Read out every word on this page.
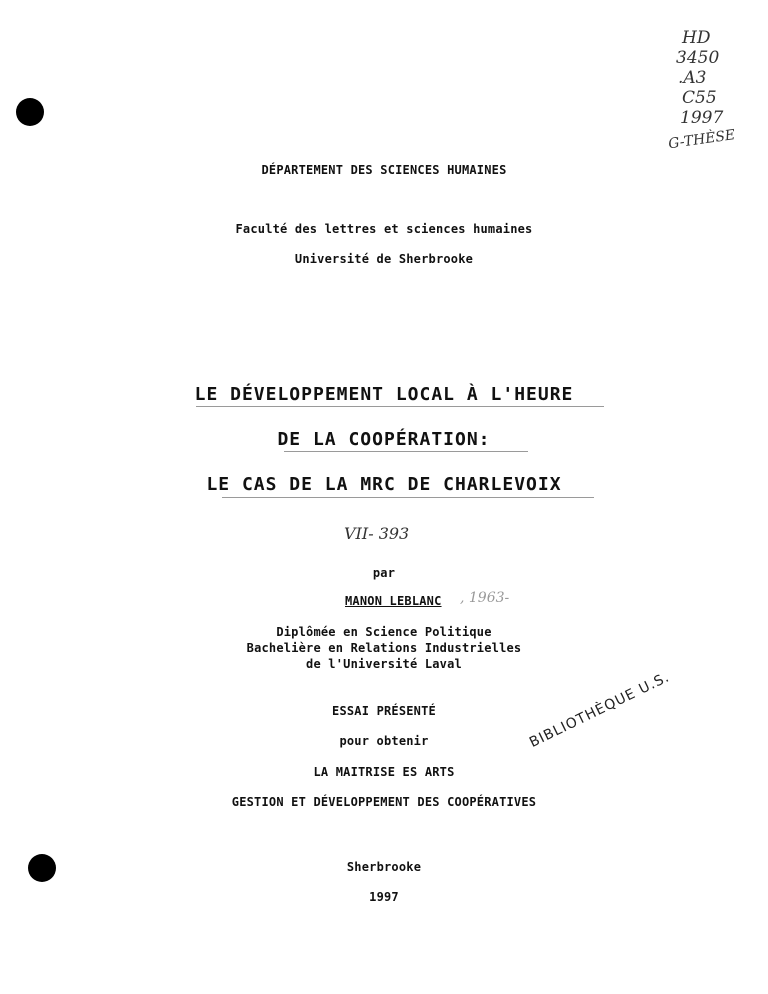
HD
3450
.A3
C55
1997
G-THÈSE
DÉPARTEMENT DES SCIENCES HUMAINES
Faculté des lettres et sciences humaines
Université de Sherbrooke
LE DÉVELOPPEMENT LOCAL À L'HEURE
DE LA COOPÉRATION:
LE CAS DE LA MRC DE CHARLEVOIX
VII- 393
par
MANON LEBLANC , 1963-
Diplômée en Science Politique
Bachelière en Relations Industrielles
de l'Université Laval
ESSAI PRÉSENTÉ
pour obtenir
LA MAITRISE ES ARTS
GESTION ET DÉVELOPPEMENT DES COOPÉRATIVES
BIBLIOTHÈQUE U.S.
Sherbrooke
1997
